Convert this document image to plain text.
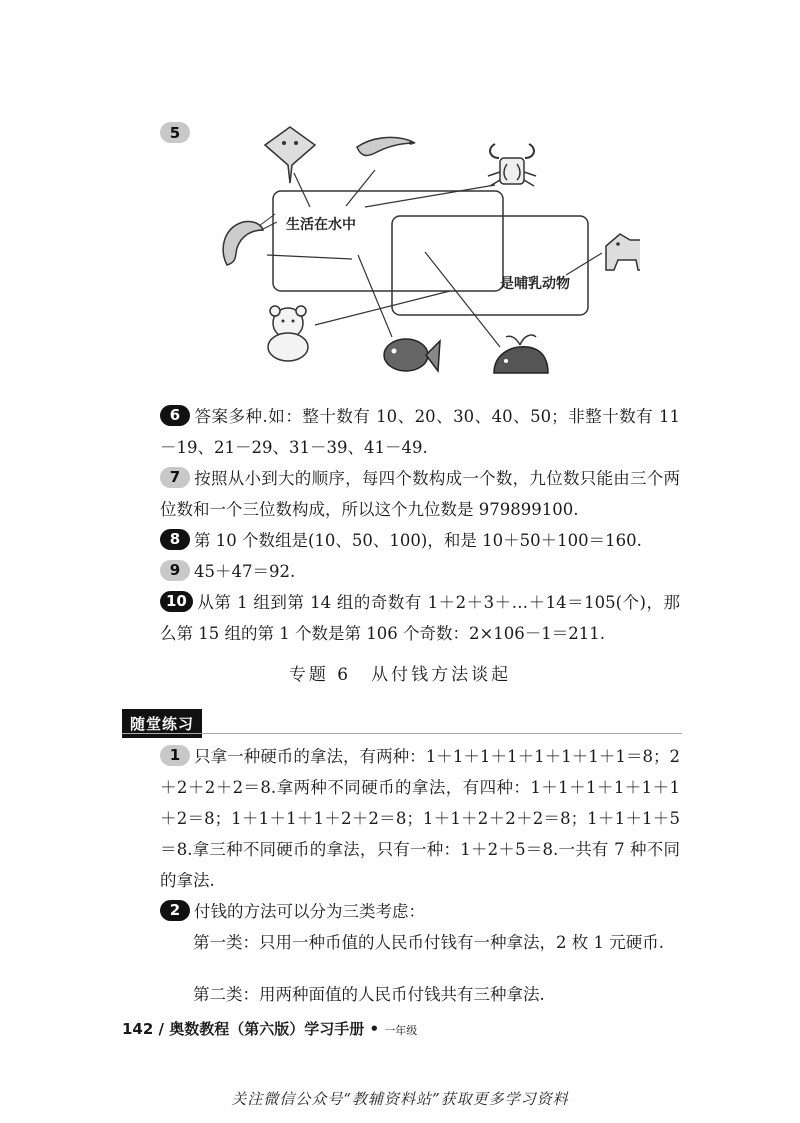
5
生活在水中
是哺乳动物
6 答案多种.如：整十数有 10、20、30、40、50；非整十数有 11－19、21－29、31－39、41－49.
7 按照从小到大的顺序，每四个数构成一个数，九位数只能由三个两位数和一个三位数构成，所以这个九位数是 979899100.
8 第 10 个数组是(10、50、100)，和是 10＋50＋100＝160.
9 45＋47＝92.
10 从第 1 组到第 14 组的奇数有 1＋2＋3＋…＋14＝105(个)，那么第 15 组的第 1 个数是第 106 个奇数：2×106－1＝211.
专题 6　从付钱方法谈起
随堂练习
1 只拿一种硬币的拿法，有两种：1＋1＋1＋1＋1＋1＋1＋1＝8；2＋2＋2＋2＝8.拿两种不同硬币的拿法，有四种：1＋1＋1＋1＋1＋1＋2＝8；1＋1＋1＋1＋2＋2＝8；1＋1＋2＋2＋2＝8；1＋1＋1＋5＝8.拿三种不同硬币的拿法，只有一种：1＋2＋5＝8.一共有 7 种不同的拿法.
2 付钱的方法可以分为三类考虑：
第一类：只用一种币值的人民币付钱有一种拿法，2 枚 1 元硬币.
第二类：用两种面值的人民币付钱共有三种拿法.
142 / 奥数教程（第六版）学习手册 • 一年级
关注微信公众号“教辅资料站”获取更多学习资料
